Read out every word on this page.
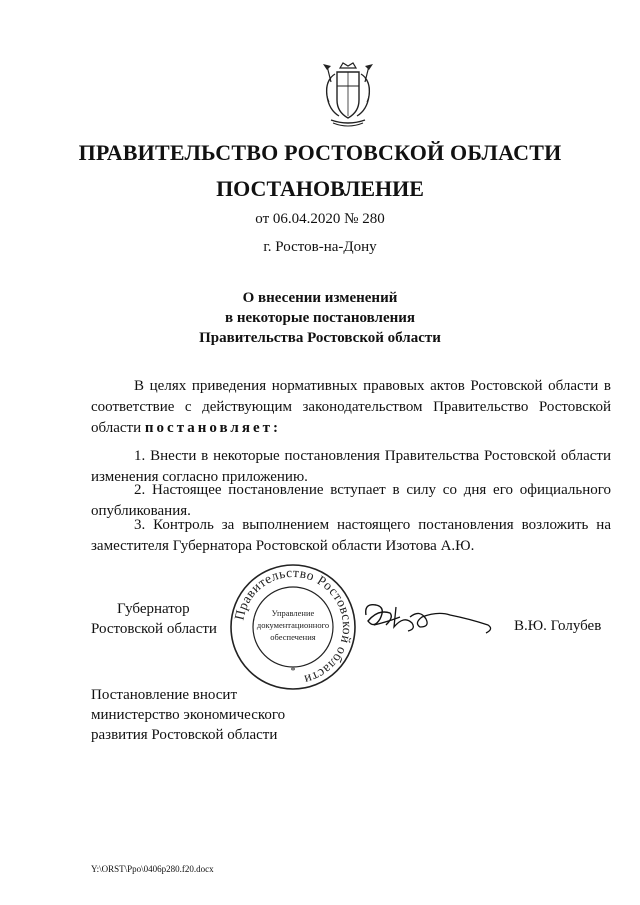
ПРАВИТЕЛЬСТВО РОСТОВСКОЙ ОБЛАСТИ
ПОСТАНОВЛЕНИЕ
от 06.04.2020 № 280
г. Ростов-на-Дону
О внесении изменений
в некоторые постановления
Правительства Ростовской области
В целях приведения нормативных правовых актов Ростовской области в соответствие с действующим законодательством Правительство Ростовской области постановляет:
1. Внести в некоторые постановления Правительства Ростовской области изменения согласно приложению.
2. Настоящее постановление вступает в силу со дня его официального опубликования.
3. Контроль за выполнением настоящего постановления возложить на заместителя Губернатора Ростовской области Изотова А.Ю.
Губернатор
Ростовской области
Правительство Ростовской области
Управление
документационного
обеспечения
*
В.Ю. Голубев
Постановление вносит
министерство экономического
развития Ростовской области
Y:\ORST\Ppo\0406p280.f20.docx
